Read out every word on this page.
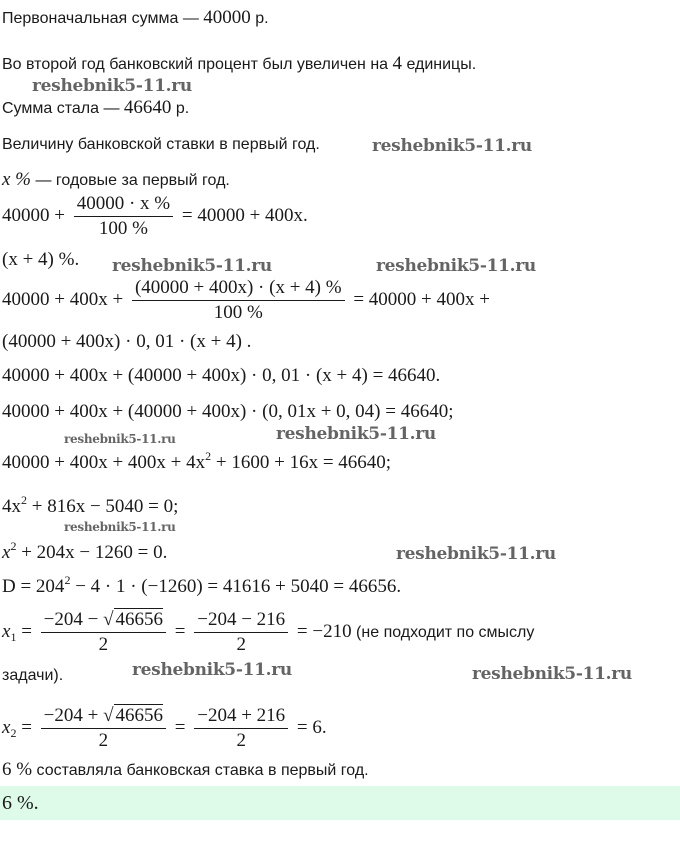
Первоначальная сумма — 40000 р.
Во второй год банковский процент был увеличен на 4 единицы.
Сумма стала — 46640 р.
Величину банковской ставки в первый год.
x % — годовые за первый год.
$40000 + \frac{40000 \cdot x \%}{100 \%} = 40000 + 400x$.
(x + 4) %.
$40000 + 400x + \frac{(40000 + 400x) \cdot (x + 4) \%}{100 \%} = 40000 + 400x$ +
(40000 + 400x) · 0, 01 · (x + 4) .
40000 + 400x + (40000 + 400x) · 0, 01 · (x + 4) = 46640.
40000 + 400x + (40000 + 400x) · (0, 01x + 0, 04) = 46640;
$40000 + 400x + 400x + 4x^2 + 1600 + 16x = 46640$;
$4x^2 + 816x - 5040 = 0$;
$x^2 + 204x - 1260 = 0$.
$D = 204^2 - 4 \cdot 1 \cdot (-1260) = 41616 + 5040 = 46656$.
$x_1 = \frac{-204 - √ 46656}{2} = \frac{-204 - 216}{2} = -210$ (не подходит по смыслу
задачи).
$x_2 = \frac{-204 + √ 46656}{2} = \frac{-204 + 216}{2} = 6$.
6 % составляла банковская ставка в первый год.
6 %.
reshebnik5-11.ru
reshebnik5-11.ru
reshebnik5-11.ru	reshebnik5-11.ru
reshebnik5-11.ru	reshebnik5-11.ru
reshebnik5-11.ru
reshebnik5-11.ru
reshebnik5-11.ru	reshebnik5-11.ru
